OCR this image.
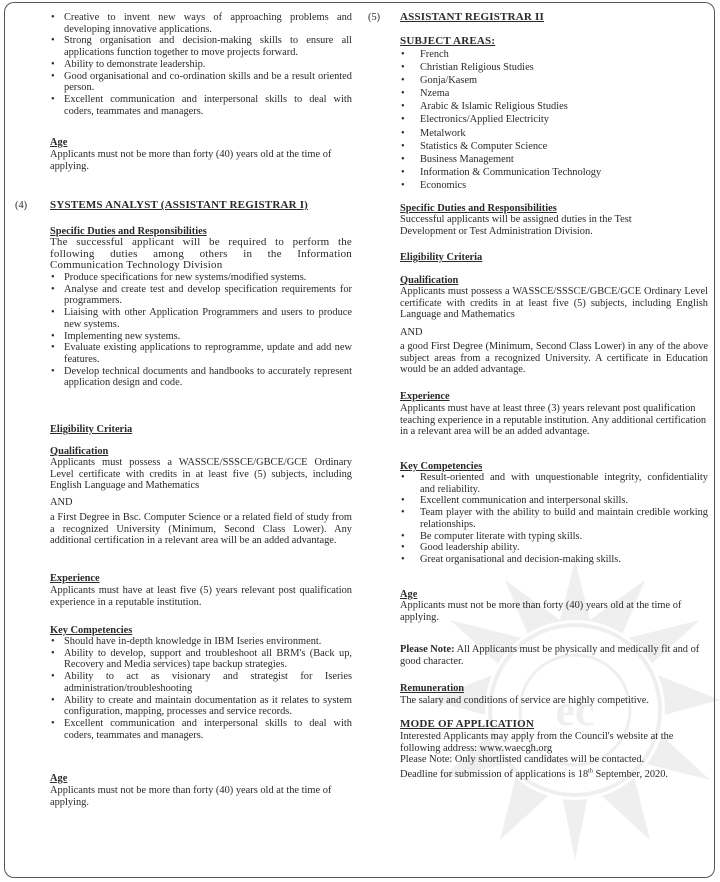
ec
• Creative to invent new ways of approaching problems and developing innovative applications.
• Strong organisation and decision-making skills to ensure all applications function together to move projects forward.
• Ability to demonstrate leadership.
• Good organisational and co-ordination skills and be a result oriented person.
• Excellent communication and interpersonal skills to deal with coders, teammates and managers.
Age
Applicants must not be more than forty (40) years old at the time of applying.
(4) SYSTEMS ANALYST (ASSISTANT REGISTRAR I)
Specific Duties and Responsibilities
The successful applicant will be required to perform the following duties among others in the Information Communication Technology Division
• Produce specifications for new systems/modified systems.
• Analyse and create test and develop specification requirements for programmers.
• Liaising with other Application Programmers and users to produce new systems.
• Implementing new systems.
• Evaluate existing applications to reprogramme, update and add new features.
• Develop technical documents and handbooks to accurately represent application design and code.
Eligibility Criteria
Qualification
Applicants must possess a WASSCE/SSSCE/GBCE/GCE Ordinary Level certificate with credits in at least five (5) subjects, including English Language and Mathematics
AND
a First Degree in Bsc. Computer Science or a related field of study from a recognized University (Minimum, Second Class Lower). Any additional certification in a relevant area will be an added advantage.
Experience
Applicants must have at least five (5) years relevant post qualification experience in a reputable institution.
Key Competencies
• Should have in-depth knowledge in IBM Iseries environment.
• Ability to develop, support and troubleshoot all BRM's (Back up, Recovery and Media services) tape backup strategies.
• Ability to act as visionary and strategist for Iseries administration/troubleshooting
• Ability to create and maintain documentation as it relates to system configuration, mapping, processes and service records.
• Excellent communication and interpersonal skills to deal with coders, teammates and managers.
Age
Applicants must not be more than forty (40) years old at the time of applying.
(5) ASSISTANT REGISTRAR II
SUBJECT AREAS:
• French
• Christian Religious Studies
• Gonja/Kasem
• Nzema
• Arabic & Islamic Religious Studies
• Electronics/Applied Electricity
• Metalwork
• Statistics & Computer Science
• Business Management
• Information & Communication Technology
• Economics
Specific Duties and Responsibilities
Successful applicants will be assigned duties in the Test Development or Test Administration Division.
Eligibility Criteria
Qualification
Applicants must possess a WASSCE/SSSCE/GBCE/GCE Ordinary Level certificate with credits in at least five (5) subjects, including English Language and Mathematics
AND
a good First Degree (Minimum, Second Class Lower) in any of the above subject areas from a recognized University. A certificate in Education would be an added advantage.
Experience
Applicants must have at least three (3) years relevant post qualification teaching experience in a reputable institution. Any additional certification in a relevant area will be an added advantage.
Key Competencies
• Result-oriented and with unquestionable integrity, confidentiality and reliability.
• Excellent communication and interpersonal skills.
• Team player with the ability to build and maintain credible working relationships.
• Be computer literate with typing skills.
• Good leadership ability.
• Great organisational and decision-making skills.
Age
Applicants must not be more than forty (40) years old at the time of applying.
Please Note: All Applicants must be physically and medically fit and of good character.
Remuneration
The salary and conditions of service are highly competitive.
MODE OF APPLICATION
Interested Applicants may apply from the Council's website at the following address: www.waecgh.org
Please Note: Only shortlisted candidates will be contacted.
Deadline for submission of applications is 18th September, 2020.
